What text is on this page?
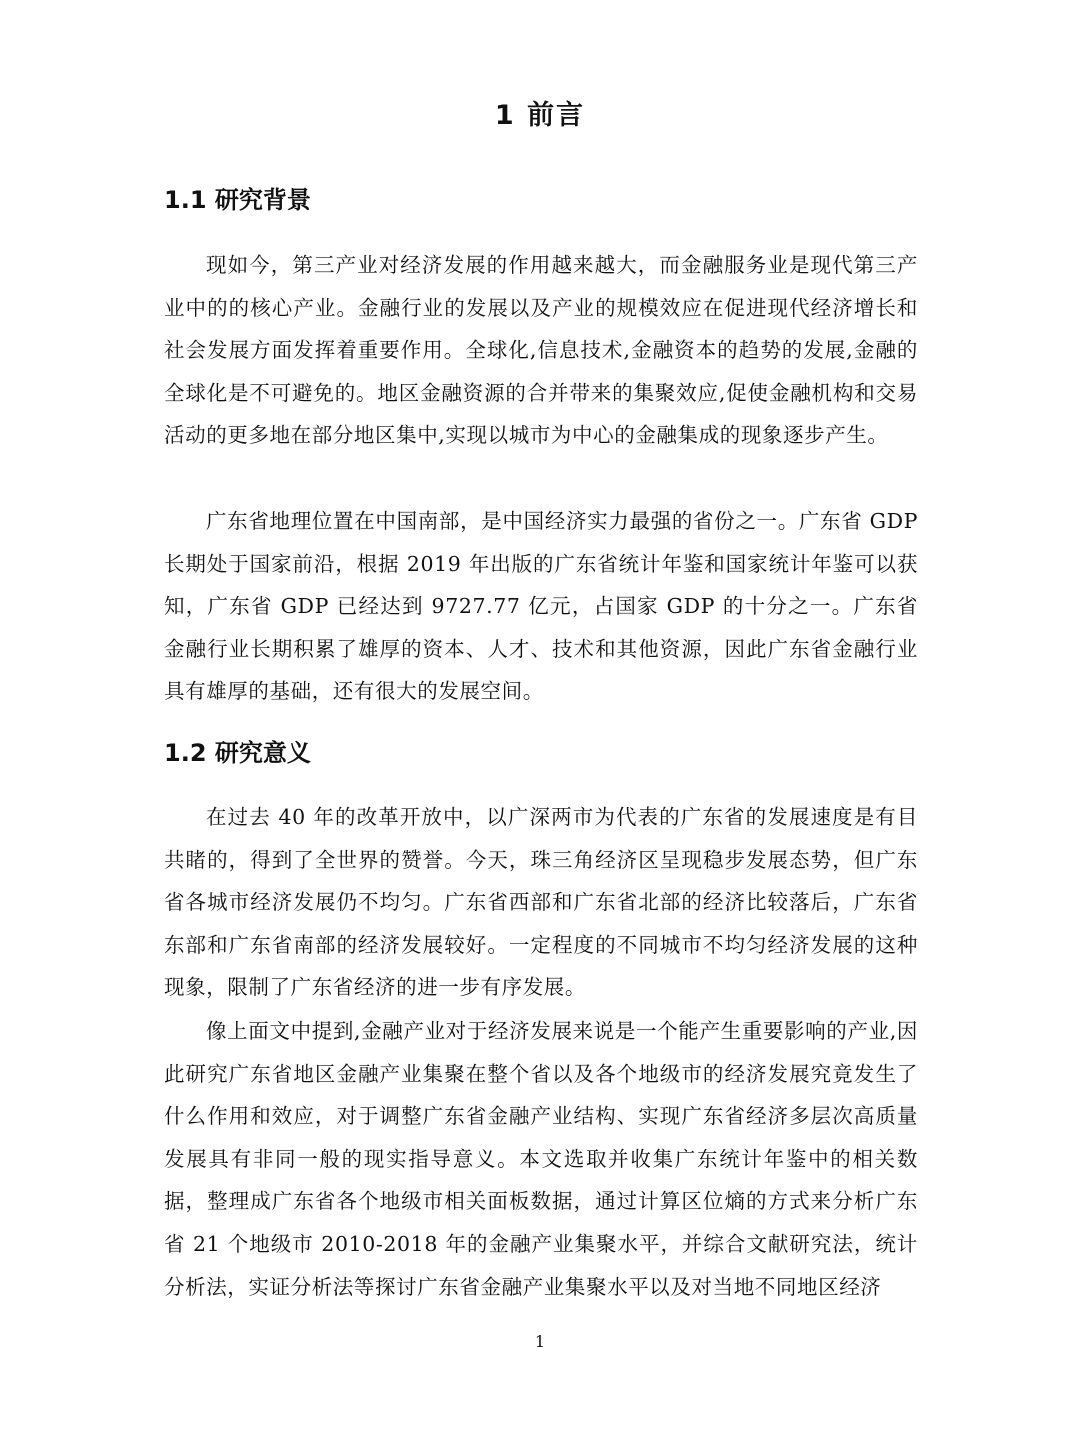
1 前言
1.1 研究背景

现如今，第三产业对经济发展的作用越来越大，而金融服务业是现代第三产业中的的核心产业。金融行业的发展以及产业的规模效应在促进现代经济增长和社会发展方面发挥着重要作用。全球化,信息技术,金融资本的趋势的发展,金融的全球化是不可避免的。地区金融资源的合并带来的集聚效应,促使金融机构和交易活动的更多地在部分地区集中,实现以城市为中心的金融集成的现象逐步产生。

广东省地理位置在中国南部，是中国经济实力最强的省份之一。广东省 GDP 长期处于国家前沿，根据 2019 年出版的广东省统计年鉴和国家统计年鉴可以获知，广东省 GDP 已经达到 9727.77 亿元，占国家 GDP 的十分之一。广东省金融行业长期积累了雄厚的资本、人才、技术和其他资源，因此广东省金融行业具有雄厚的基础，还有很大的发展空间。

1.2 研究意义

在过去 40 年的改革开放中，以广深两市为代表的广东省的发展速度是有目共睹的，得到了全世界的赞誉。今天，珠三角经济区呈现稳步发展态势，但广东省各城市经济发展仍不均匀。广东省西部和广东省北部的经济比较落后，广东省东部和广东省南部的经济发展较好。一定程度的不同城市不均匀经济发展的这种现象，限制了广东省经济的进一步有序发展。

像上面文中提到,金融产业对于经济发展来说是一个能产生重要影响的产业,因此研究广东省地区金融产业集聚在整个省以及各个地级市的经济发展究竟发生了什么作用和效应，对于调整广东省金融产业结构、实现广东省经济多层次高质量发展具有非同一般的现实指导意义。本文选取并收集广东统计年鉴中的相关数据，整理成广东省各个地级市相关面板数据，通过计算区位熵的方式来分析广东省 21 个地级市 2010-2018 年的金融产业集聚水平，并综合文献研究法，统计分析法，实证分析法等探讨广东省金融产业集聚水平以及对当地不同地区经济

1
